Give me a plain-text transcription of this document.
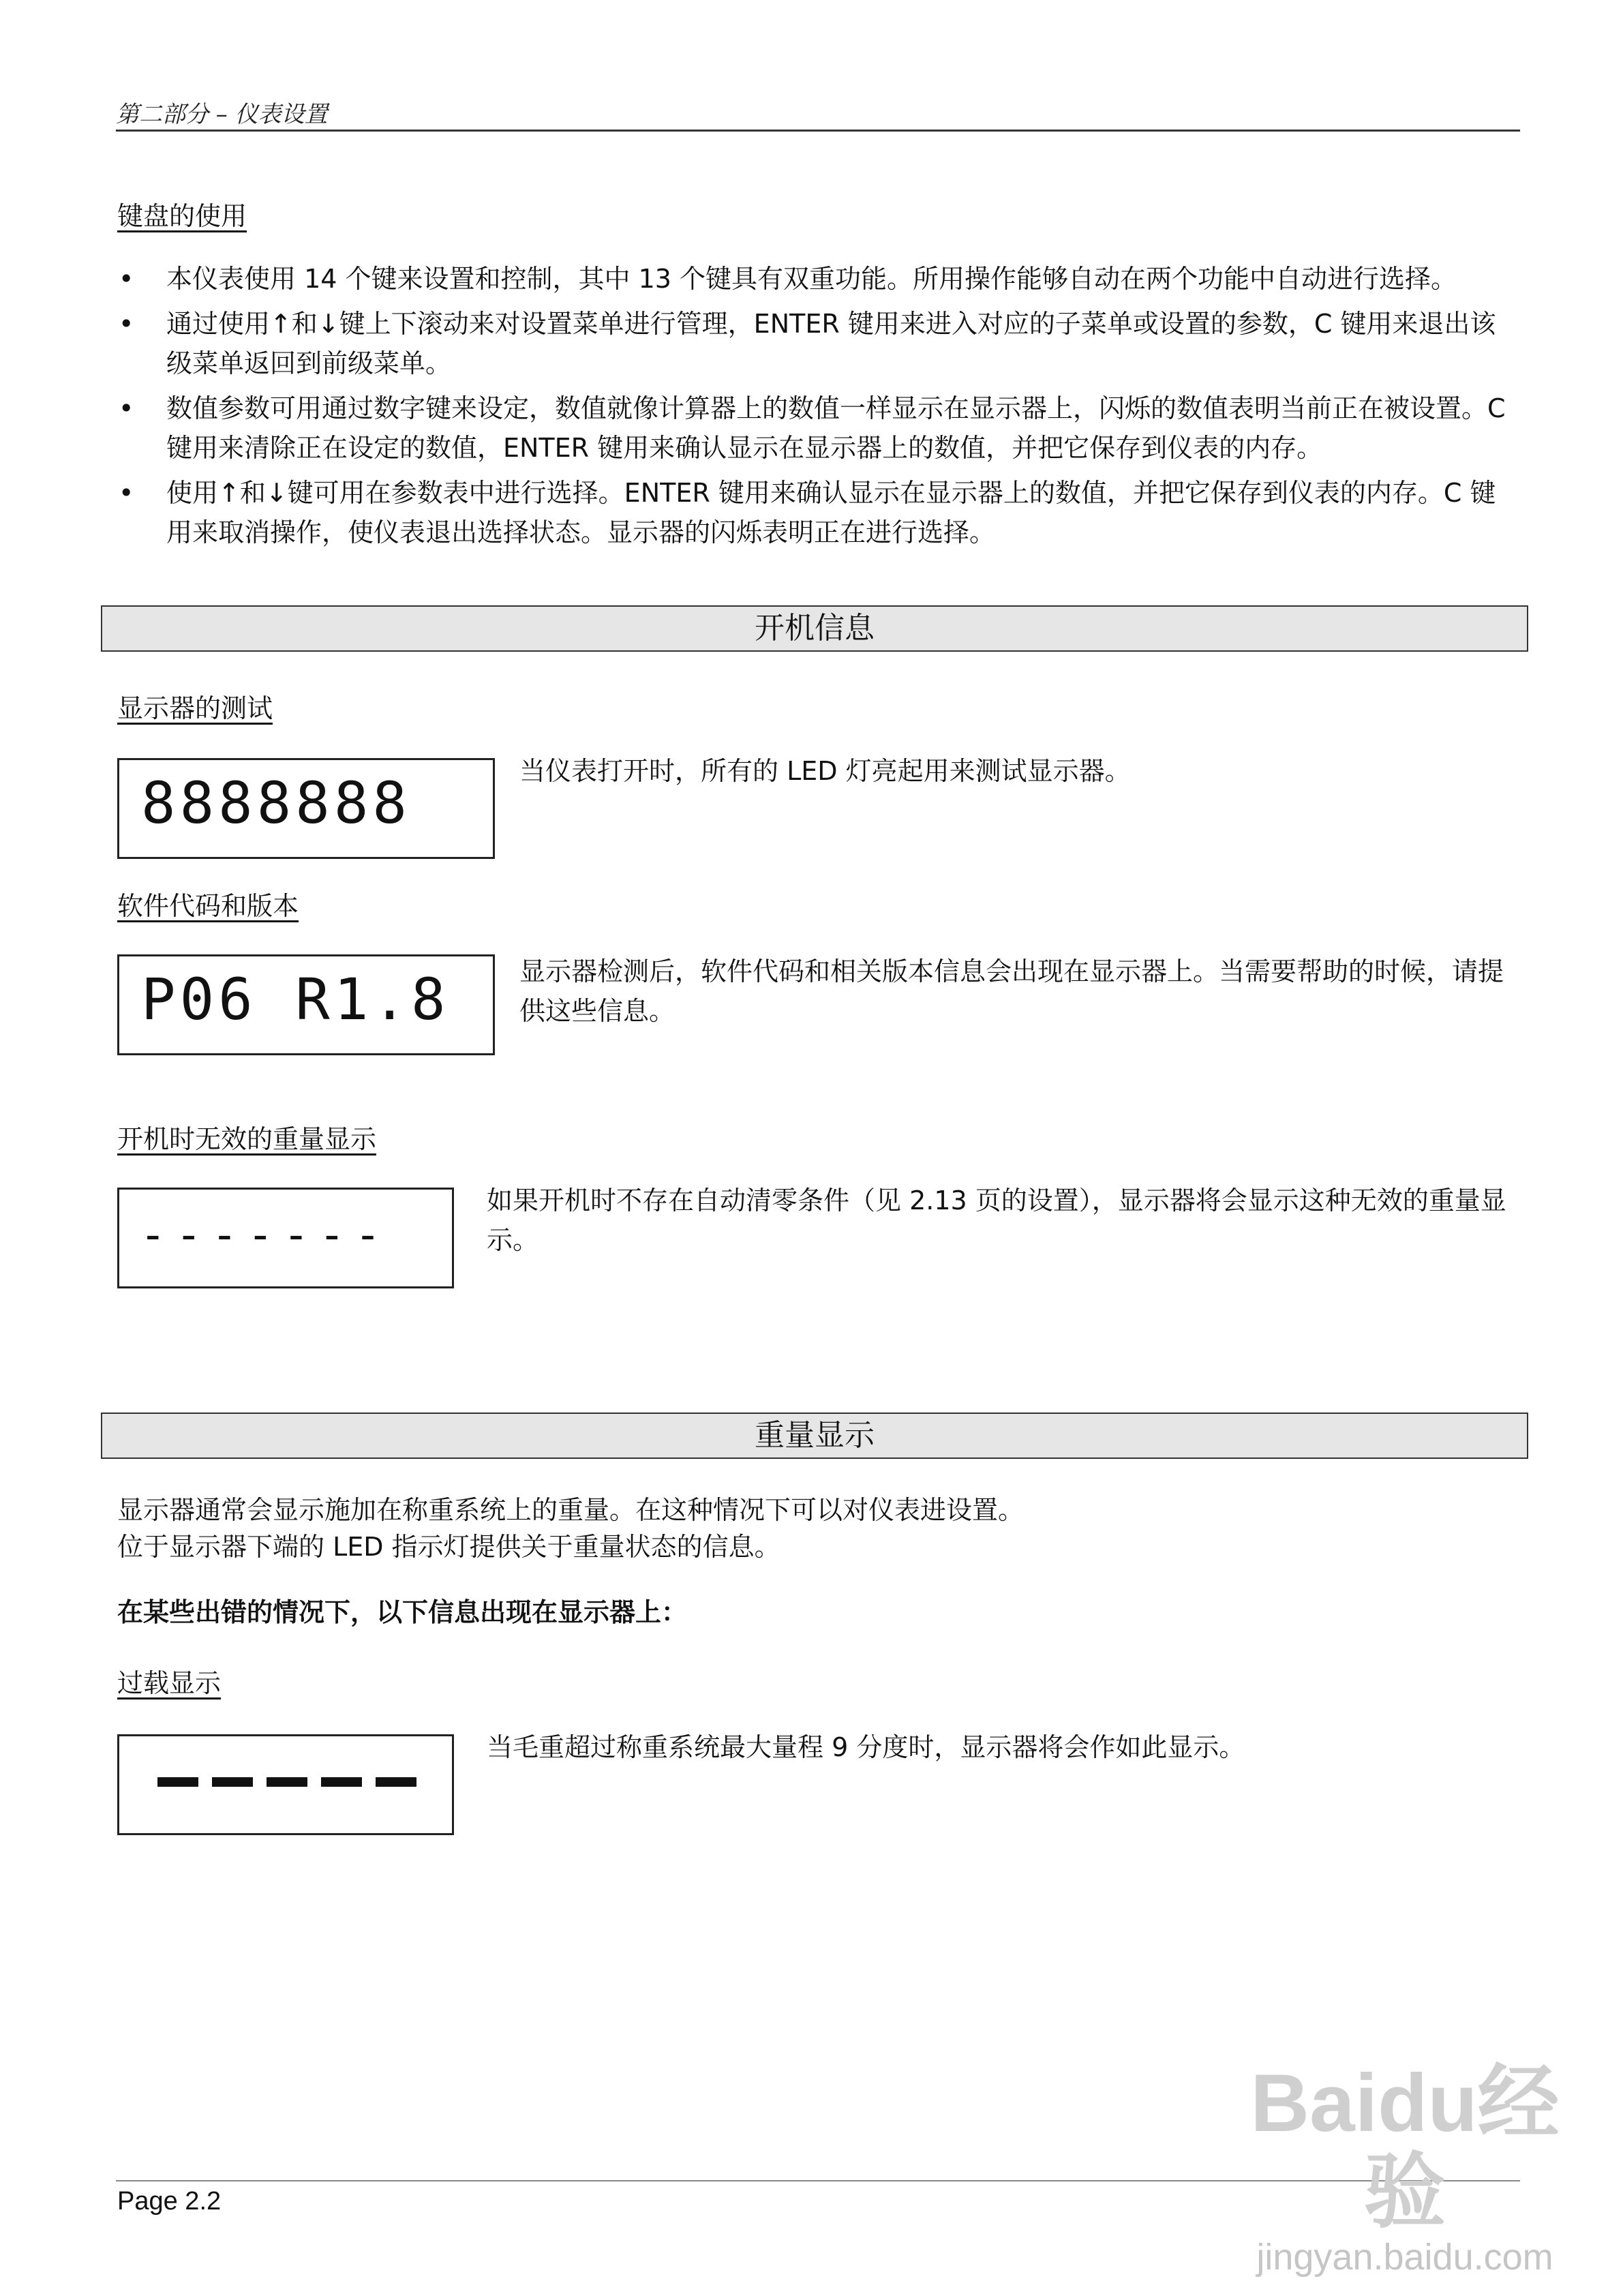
第二部分 – 仪表设置
键盘的使用
• 本仪表使用 14 个键来设置和控制，其中 13 个键具有双重功能。所用操作能够自动在两个功能中自动进行选择。
• 通过使用↑和↓键上下滚动来对设置菜单进行管理，ENTER 键用来进入对应的子菜单或设置的参数，C 键用来退出该级菜单返回到前级菜单。
• 数值参数可用通过数字键来设定，数值就像计算器上的数值一样显示在显示器上，闪烁的数值表明当前正在被设置。C 键用来清除正在设定的数值，ENTER 键用来确认显示在显示器上的数值，并把它保存到仪表的内存。
• 使用↑和↓键可用在参数表中进行选择。ENTER 键用来确认显示在显示器上的数值，并把它保存到仪表的内存。C 键用来取消操作，使仪表退出选择状态。显示器的闪烁表明正在进行选择。
开机信息
显示器的测试
8888888	当仪表打开时，所有的 LED 灯亮起用来测试显示器。
软件代码和版本
P06 R1.8	显示器检测后，软件代码和相关版本信息会出现在显示器上。当需要帮助的时候，请提供这些信息。
开机时无效的重量显示
-------
如果开机时不存在自动清零条件（见 2.13 页的设置），显示器将会显示这种无效的重量显示。
重量显示
显示器通常会显示施加在称重系统上的重量。在这种情况下可以对仪表进设置。
位于显示器下端的 LED 指示灯提供关于重量状态的信息。
在某些出错的情况下，以下信息出现在显示器上：
过载显示
当毛重超过称重系统最大量程 9 分度时，显示器将会作如此显示。
Page 2.2
Baidu经验
jingyan.baidu.com
